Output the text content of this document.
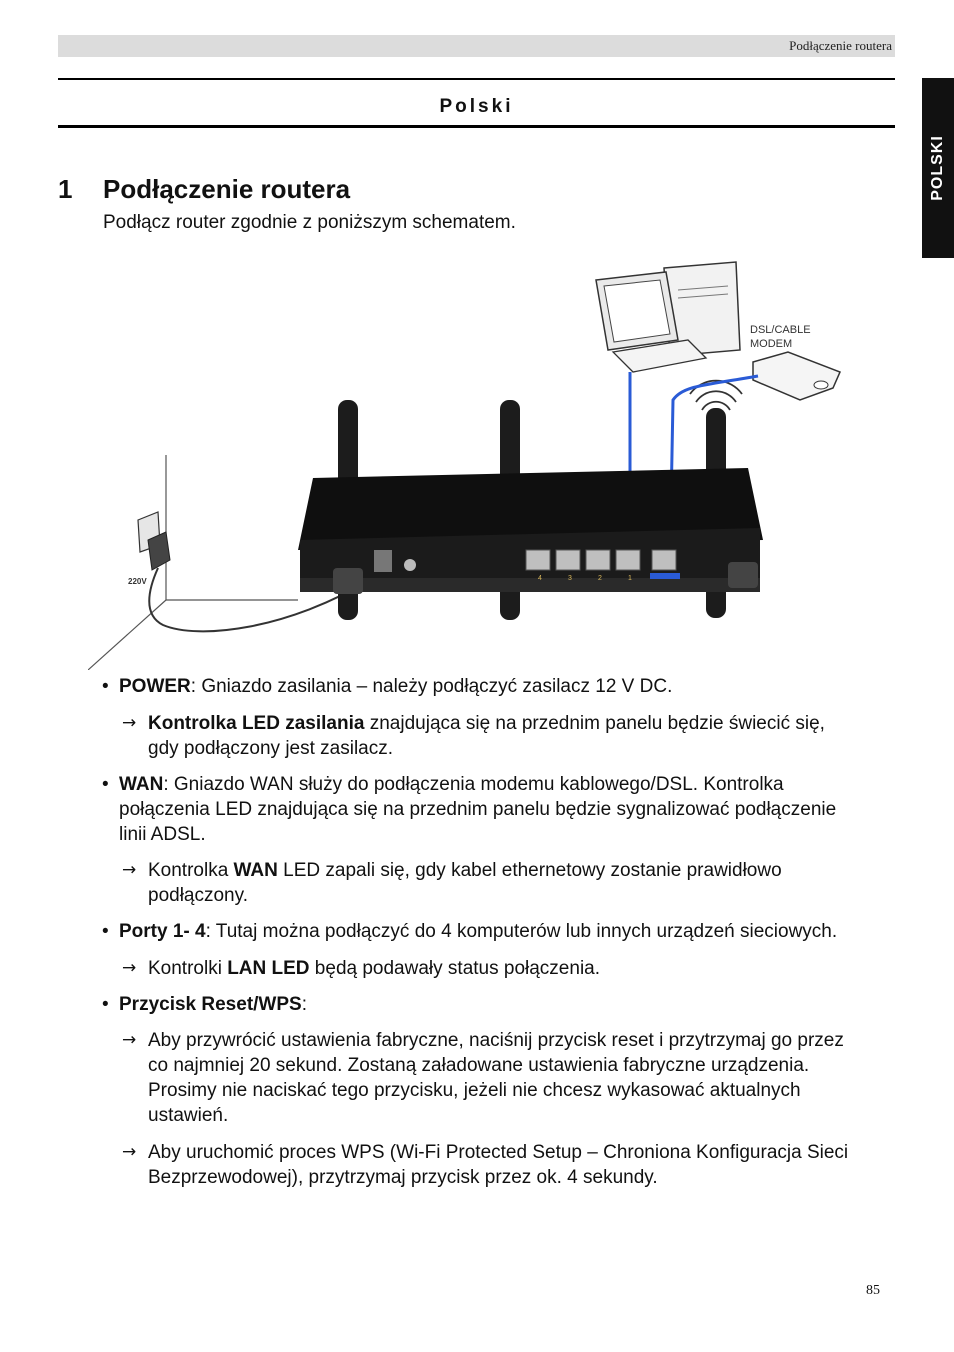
Podłączenie routera
Polski
POLSKI
1 Podłączenie routera
Podłącz router zgodnie z poniższym schematem.
220V
DSL/CABLE
MODEM
4	3	2	1
• POWER: Gniazdo zasilania – należy podłączyć zasilacz 12 V DC.
→ Kontrolka LED zasilania znajdująca się na przednim panelu będzie świecić się,
gdy podłączony jest zasilacz.
• WAN: Gniazdo WAN służy do podłączenia modemu kablowego/DSL. Kontrolka
połączenia LED znajdująca się na przednim panelu będzie sygnalizować podłączenie
linii ADSL.
→ Kontrolka WAN LED zapali się, gdy kabel ethernetowy zostanie prawidłowo
podłączony.
• Porty 1- 4: Tutaj można podłączyć do 4 komputerów lub innych urządzeń sieciowych.
→ Kontrolki LAN LED będą podawały status połączenia.
• Przycisk Reset/WPS:
→ Aby przywrócić ustawienia fabryczne, naciśnij przycisk reset i przytrzymaj go przez
co najmniej 20 sekund. Zostaną załadowane ustawienia fabryczne urządzenia.
Prosimy nie naciskać tego przycisku, jeżeli nie chcesz wykasować aktualnych
ustawień.
→ Aby uruchomić proces WPS (Wi-Fi Protected Setup – Chroniona Konfiguracja Sieci
Bezprzewodowej), przytrzymaj przycisk przez ok. 4 sekundy.
85
